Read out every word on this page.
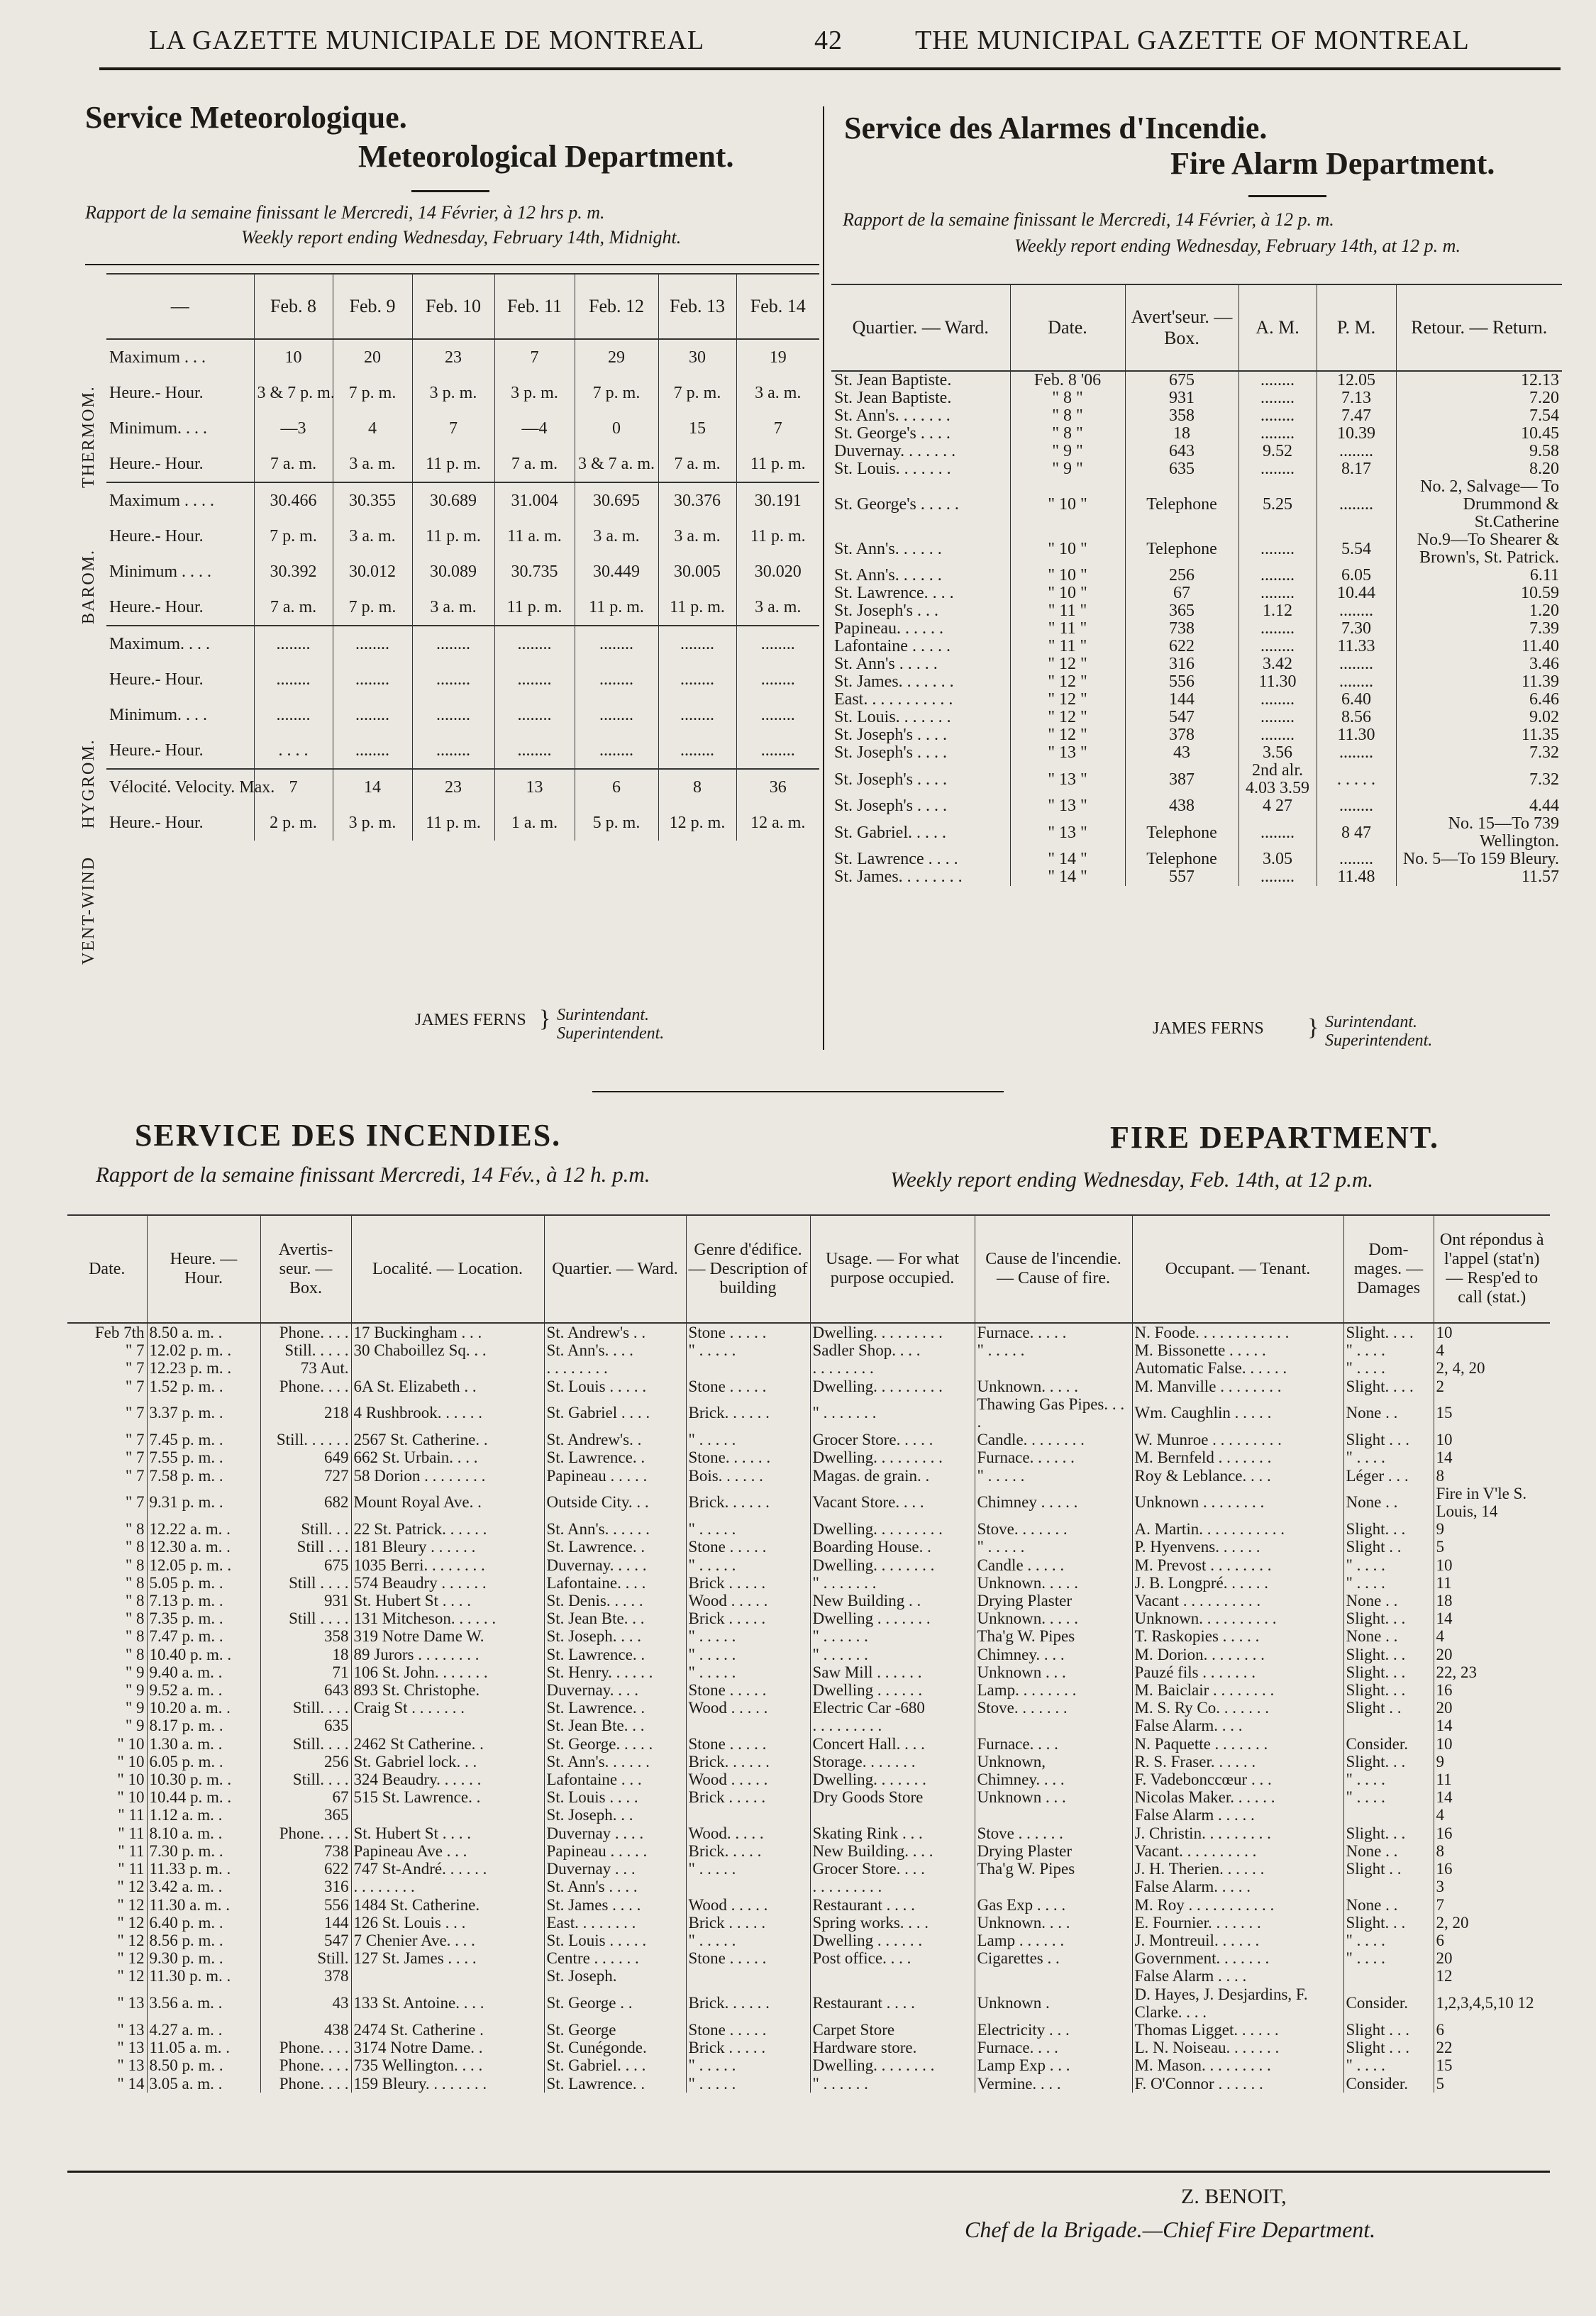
LA GAZETTE MUNICIPALE DE MONTREAL	42	THE MUNICIPAL GAZETTE OF MONTREAL
Service Meteorologique.
Meteorological Department.
Rapport de la semaine finissant le Mercredi, 14 Février, à 12 hrs p. m.
Weekly report ending Wednesday, February 14th, Midnight.
THERMOM.
BAROM.
HYGROM.
VENT-WIND
—	Feb. 8	Feb. 9	Feb. 10	Feb. 11	Feb. 12	Feb. 13	Feb. 14
Maximum . . .	10	20	23	7	29	30	19
Heure.- Hour.	3 & 7 p. m.	7 p. m.	3 p. m.	3 p. m.	7 p. m.	7 p. m.	3 a. m.
Minimum. . . .	—3	4	7	—4	0	15	7
Heure.- Hour.	7 a. m.	3 a. m.	11 p. m.	7 a. m.	3 & 7 a. m.	7 a. m.	11 p. m.
Maximum . . . .	30.466	30.355	30.689	31.004	30.695	30.376	30.191
Heure.- Hour.	7 p. m.	3 a. m.	11 p. m.	11 a. m.	3 a. m.	3 a. m.	11 p. m.
Minimum . . . .	30.392	30.012	30.089	30.735	30.449	30.005	30.020
Heure.- Hour.	7 a. m.	7 p. m.	3 a. m.	11 p. m.	11 p. m.	11 p. m.	3 a. m.
Maximum. . . .	........	........	........	........	........	........	........
Heure.- Hour.	........	........	........	........	........	........	........
Minimum. . . .	........	........	........	........	........	........	........
Heure.- Hour.	. . . .	........	........	........	........	........	........
Vélocité. Velocity. Max.	7	14	23	13	6	8	36
Heure.- Hour.	2 p. m.	3 p. m.	11 p. m.	1 a. m.	5 p. m.	12 p. m.	12 a. m.
JAMES FERNS } Surintendant.
Superintendent.
Service des Alarmes d'Incendie.
Fire Alarm Department.
Rapport de la semaine finissant le Mercredi, 14 Février, à 12 p. m.
Weekly report ending Wednesday, February 14th, at 12 p. m.
Quartier. — Ward.	Date.	Avert'seur. — Box.	A. M.	P. M.	Retour. — Return.
St. Jean Baptiste.	Feb. 8 '06	675	........	12.05	12.13
St. Jean Baptiste.	" 8 "	931	........	7.13	7.20
St. Ann's. . . . . . .	" 8 "	358	........	7.47	7.54
St. George's . . . .	" 8 "	18	........	10.39	10.45
Duvernay. . . . . . .	" 9 "	643	9.52	........	9.58
St. Louis. . . . . . .	" 9 "	635	........	8.17	8.20
St. George's . . . . .	" 10 "	Telephone	5.25	........	No. 2, Salvage— To Drummond & St.Catherine
St. Ann's. . . . . .	" 10 "	Telephone	........	5.54	No.9—To Shearer & Brown's, St. Patrick.
St. Ann's. . . . . .	" 10 "	256	........	6.05	6.11
St. Lawrence. . . .	" 10 "	67	........	10.44	10.59
St. Joseph's . . .	" 11 "	365	1.12	........	1.20
Papineau. . . . . .	" 11 "	738	........	7.30	7.39
Lafontaine . . . . .	" 11 "	622	........	11.33	11.40
St. Ann's . . . . .	" 12 "	316	3.42	........	3.46
St. James. . . . . . .	" 12 "	556	11.30	........	11.39
East. . . . . . . . . . .	" 12 "	144	........	6.40	6.46
St. Louis. . . . . . .	" 12 "	547	........	8.56	9.02
St. Joseph's . . . .	" 12 "	378	........	11.30	11.35
St. Joseph's . . . .	" 13 "	43	3.56	........	7.32
St. Joseph's . . . .	" 13 "	387	2nd alr. 4.03 3.59	. . . . .	7.32
St. Joseph's . . . .	" 13 "	438	4 27	........	4.44
St. Gabriel. . . . .	" 13 "	Telephone	........	8 47	No. 15—To 739 Wellington.
St. Lawrence . . . .	" 14 "	Telephone	3.05	........	No. 5—To 159 Bleury.
St. James. . . . . . . .	" 14 "	557	........	11.48	11.57
JAMES FERNS } Surintendant.
Superintendent.
SERVICE DES INCENDIES.	FIRE DEPARTMENT.
Rapport de la semaine finissant Mercredi, 14 Fév., à 12 h. p.m.	Weekly report ending Wednesday, Feb. 14th, at 12 p.m.
Date.	Heure. — Hour.	Avertis-seur. — Box.	Localité. — Location.	Quartier. — Ward.	Genre d'édifice. — Description of building	Usage. — For what purpose occupied.	Cause de l'incendie. — Cause of fire.	Occupant. — Tenant.	Dom-mages. — Damages	Ont répondus à l'appel (stat'n) — Resp'ed to call (stat.)
Feb 7th	8.50 a. m. .	Phone. . . .	17 Buckingham . . .	St. Andrew's . .	Stone . . . . .	Dwelling. . . . . . . . .	Furnace. . . . .	N. Foode. . . . . . . . . . . .	Slight. . . .	10
" 7	12.02 p. m. .	Still. . . . .	30 Chaboillez Sq. . .	St. Ann's. . . .	" . . . . .	Sadler Shop. . . .	" . . . . .	M. Bissonette . . . . .	" . . . .	4
" 7	12.23 p. m. .	73 Aut.		. . . . . . . .		. . . . . . . .		Automatic False. . . . . .	" . . . .	2, 4, 20
" 7	1.52 p. m. .	Phone. . . .	6A St. Elizabeth . .	St. Louis . . . . .	Stone . . . . .	Dwelling. . . . . . . . .	Unknown. . . . .	M. Manville . . . . . . . .	Slight. . . .	2
" 7	3.37 p. m. .	218	4 Rushbrook. . . . . .	St. Gabriel . . . .	Brick. . . . . .	" . . . . . . .	Thawing Gas Pipes. . . .	Wm. Caughlin . . . . .	None . .	15
" 7	7.45 p. m. .	Still. . . . . .	2567 St. Catherine. .	St. Andrew's. .	" . . . . .	Grocer Store. . . . .	Candle. . . . . . . .	W. Munroe . . . . . . . . .	Slight . . .	10
" 7	7.55 p. m. .	649	662 St. Urbain. . . .	St. Lawrence. .	Stone. . . . . .	Dwelling. . . . . . . . .	Furnace. . . . . .	M. Bernfeld . . . . . . .	" . . . .	14
" 7	7.58 p. m. .	727	58 Dorion . . . . . . . .	Papineau . . . . .	Bois. . . . . .	Magas. de grain. .	" . . . . .	Roy & Leblance. . . .	Léger . . .	8
" 7	9.31 p. m. .	682	Mount Royal Ave. .	Outside City. . .	Brick. . . . . .	Vacant Store. . . .	Chimney . . . . .	Unknown . . . . . . . .	None . .	Fire in V'le S. Louis, 14
" 8	12.22 a. m. .	Still. . .	22 St. Patrick. . . . . .	St. Ann's. . . . . .	" . . . . .	Dwelling. . . . . . . . .	Stove. . . . . . .	A. Martin. . . . . . . . . . .	Slight. . .	9
" 8	12.30 a. m. .	Still . . .	181 Bleury . . . . . .	St. Lawrence. .	Stone . . . . .	Boarding House. .	" . . . . .	P. Hyenvens. . . . . .	Slight . .	5
" 8	12.05 p. m. .	675	1035 Berri. . . . . . . .	Duvernay. . . . .	" . . . . .	Dwelling. . . . . . . .	Candle . . . . .	M. Prevost . . . . . . . .	" . . . .	10
" 8	5.05 p. m. .	Still . . . .	574 Beaudry . . . . . .	Lafontaine. . . .	Brick . . . . .	" . . . . . . .	Unknown. . . . .	J. B. Longpré. . . . . .	" . . . .	11
" 8	7.13 p. m. .	931	St. Hubert St . . . .	St. Denis. . . . .	Wood . . . . .	New Building . .	Drying Plaster	Vacant . . . . . . . . . .	None . .	18
" 8	7.35 p. m. .	Still . . . .	131 Mitcheson. . . . . .	St. Jean Bte. . .	Brick . . . . .	Dwelling . . . . . . .	Unknown. . . . .	Unknown. . . . . . . . . .	Slight. . .	14
" 8	7.47 p. m. .	358	319 Notre Dame W.	St. Joseph. . . .	" . . . . .	" . . . . . .	Tha'g W. Pipes	T. Raskopies . . . . .	None . .	4
" 8	10.40 p. m. .	18	89 Jurors . . . . . . . .	St. Lawrence. .	" . . . . .	" . . . . . .	Chimney. . . .	M. Dorion. . . . . . . .	Slight. . .	20
" 9	9.40 a. m. .	71	106 St. John. . . . . . .	St. Henry. . . . . .	" . . . . .	Saw Mill . . . . . .	Unknown . . .	Pauzé fils . . . . . . .	Slight. . .	22, 23
" 9	9.52 a. m. .	643	893 St. Christophe.	Duvernay. . . .	Stone . . . . .	Dwelling . . . . . .	Lamp. . . . . . . .	M. Baiclair . . . . . . . .	Slight. . .	16
" 9	10.20 a. m. .	Still. . . .	Craig St . . . . . . .	St. Lawrence. .	Wood . . . . .	Electric Car -680	Stove. . . . . . .	M. S. Ry Co. . . . . . .	Slight . .	20
" 9	8.17 p. m. .	635		St. Jean Bte. . .		. . . . . . . . .		False Alarm. . . .		14
" 10	1.30 a. m. .	Still. . . .	2462 St Catherine. .	St. George. . . . .	Stone . . . . .	Concert Hall. . . .	Furnace. . . .	N. Paquette . . . . . . .	Consider.	10
" 10	6.05 p. m. .	256	St. Gabriel lock. . .	St. Ann's. . . . . .	Brick. . . . . .	Storage. . . . . . .	Unknown,	R. S. Fraser. . . . . .	Slight. . .	9
" 10	10.30 p. m. .	Still. . . .	324 Beaudry. . . . . .	Lafontaine . . .	Wood . . . . .	Dwelling. . . . . . .	Chimney. . . .	F. Vadebonccœur . . .	" . . . .	11
" 10	10.44 p. m. .	67	515 St. Lawrence. .	St. Louis . . . .	Brick . . . . .	Dry Goods Store	Unknown . . .	Nicolas Maker. . . . . .	" . . . .	14
" 11	1.12 a. m. .	365		St. Joseph. . .				False Alarm . . . . .		4
" 11	8.10 a. m. .	Phone. . . .	St. Hubert St . . . .	Duvernay . . . .	Wood. . . . .	Skating Rink . . .	Stove . . . . . .	J. Christin. . . . . . . . .	Slight. . .	16
" 11	7.30 p. m. .	738	Papineau Ave . . .	Papineau . . . . .	Brick. . . . .	New Building. . . .	Drying Plaster	Vacant. . . . . . . . . .	None . .	8
" 11	11.33 p. m. .	622	747 St-André. . . . . .	Duvernay . . .	" . . . . .	Grocer Store. . . .	Tha'g W. Pipes	J. H. Therien. . . . . .	Slight . .	16
" 12	3.42 a. m. .	316	. . . . . . . .	St. Ann's . . . .		. . . . . . . . .		False Alarm. . . . .		3
" 12	11.30 a. m. .	556	1484 St. Catherine.	St. James . . . .	Wood . . . . .	Restaurant . . . .	Gas Exp . . . .	M. Roy . . . . . . . . . . .	None . .	7
" 12	6.40 p. m. .	144	126 St. Louis . . .	East. . . . . . . .	Brick . . . . .	Spring works. . . .	Unknown. . . .	E. Fournier. . . . . . .	Slight. . .	2, 20
" 12	8.56 p. m. .	547	7 Chenier Ave. . . .	St. Louis . . . . .	" . . . . .	Dwelling . . . . . .	Lamp . . . . . .	J. Montreuil. . . . . .	" . . . .	6
" 12	9.30 p. m. .	Still.	127 St. James . . . .	Centre . . . . . .	Stone . . . . .	Post office. . . .	Cigarettes . .	Government. . . . . . .	" . . . .	20
" 12	11.30 p. m. .	378		St. Joseph.				False Alarm . . . .		12
" 13	3.56 a. m. .	43	133 St. Antoine. . . .	St. George . .	Brick. . . . . .	Restaurant . . . .	Unknown .	D. Hayes, J. Desjardins, F. Clarke. . . .	Consider.	1,2,3,4,5,10 12
" 13	4.27 a. m. .	438	2474 St. Catherine .	St. George	Stone . . . . .	Carpet Store	Electricity . . .	Thomas Ligget. . . . . .	Slight . . .	6
" 13	11.05 a. m. .	Phone. . . .	3174 Notre Dame. .	St. Cunégonde.	Brick . . . . .	Hardware store.	Furnace. . . .	L. N. Noiseau. . . . . . .	Slight . . .	22
" 13	8.50 p. m. .	Phone. . . .	735 Wellington. . . .	St. Gabriel. . . .	" . . . . .	Dwelling. . . . . . . .	Lamp Exp . . .	M. Mason. . . . . . . . .	" . . . .	15
" 14	3.05 a. m. .	Phone. . . .	159 Bleury. . . . . . . .	St. Lawrence. .	" . . . . .	" . . . . . .	Vermine. . . .	F. O'Connor . . . . . .	Consider.	5
Z. BENOIT,
Chef de la Brigade.—Chief Fire Department.
